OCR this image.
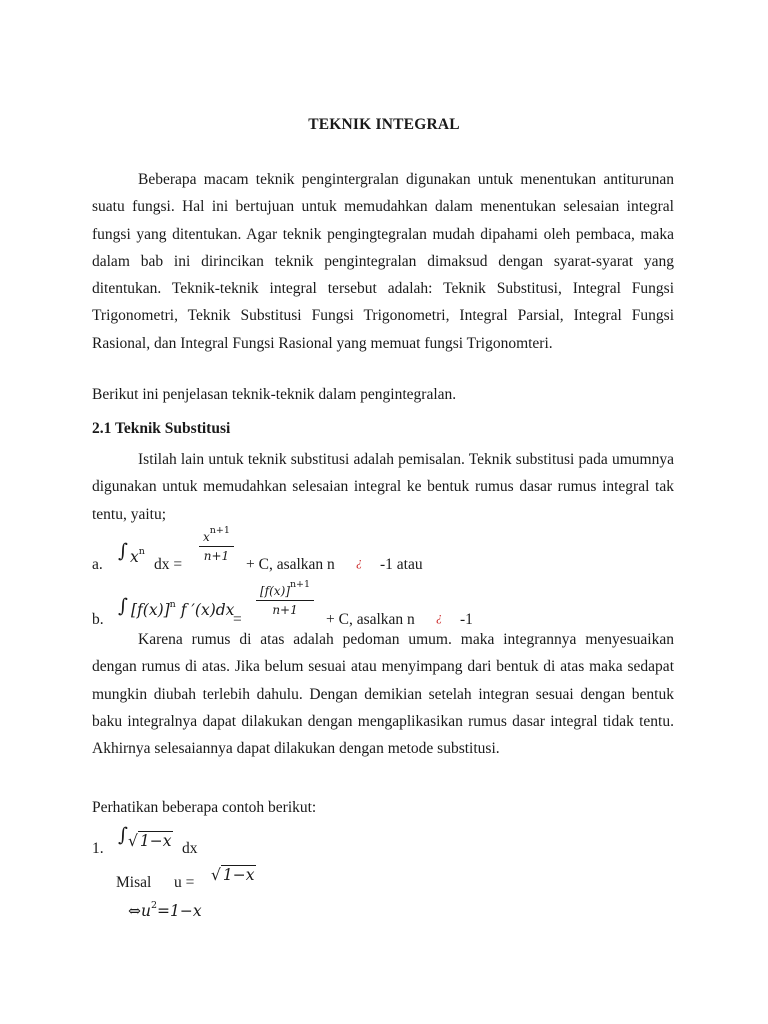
TEKNIK INTEGRAL

Beberapa macam teknik pengintergralan digunakan untuk menentukan antiturunan suatu fungsi. Hal ini bertujuan untuk memudahkan dalam menentukan selesaian integral fungsi yang ditentukan. Agar teknik pengingtegralan mudah dipahami oleh pembaca, maka dalam bab ini dirincikan teknik pengintegralan dimaksud dengan syarat-syarat yang ditentukan. Teknik-teknik integral tersebut adalah: Teknik Substitusi, Integral Fungsi Trigonometri, Teknik Substitusi Fungsi Trigonometri, Integral Parsial, Integral Fungsi Rasional, dan Integral Fungsi Rasional yang memuat fungsi Trigonomteri.

Berikut ini penjelasan teknik-teknik dalam pengintegralan.
2.1 Teknik Substitusi

Istilah lain untuk teknik substitusi adalah pemisalan. Teknik substitusi pada umumnya digunakan untuk memudahkan selesaian integral ke bentuk rumus dasar rumus integral tak tentu, yaitu;

a.
∫ $x^n$
dx =
$x^{n+1}$
n+1	+ C, asalkan n ¿ -1 atau
b.
∫ $[f(x)]^n$ f ′(x)dx
=
$[f(x)]^{n+1}$
n+1
+ C, asalkan n ¿ -1

Karena rumus di atas adalah pedoman umum. maka integrannya menyesuaikan dengan rumus di atas. Jika belum sesuai atau menyimpang dari bentuk di atas maka sedapat mungkin diubah terlebih dahulu. Dengan demikian setelah integran sesuai dengan bentuk baku integralnya dapat dilakukan dengan mengaplikasikan rumus dasar integral tidak tentu. Akhirnya selesaiannya dapat dilakukan dengan metode substitusi.

Perhatikan beberapa contoh berikut:
1.
∫ √ 1−x dx
Misal u = √ 1−x
$\Leftrightarrow u^2=1-x$
